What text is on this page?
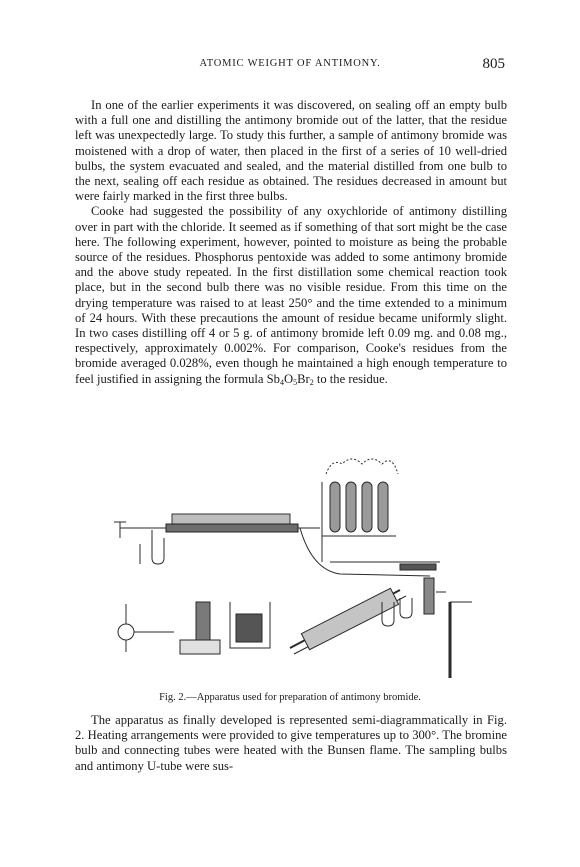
ATOMIC WEIGHT OF ANTIMONY.	805

In one of the earlier experiments it was discovered, on sealing off an empty bulb with a full one and distilling the antimony bromide out of the latter, that the residue left was unexpectedly large. To study this further, a sample of antimony bromide was moistened with a drop of water, then placed in the first of a series of 10 well-dried bulbs, the system evacuated and sealed, and the material distilled from one bulb to the next, sealing off each residue as obtained. The residues decreased in amount but were fairly marked in the first three bulbs.

Cooke had suggested the possibility of any oxychloride of antimony distilling over in part with the chloride. It seemed as if something of that sort might be the case here. The following experiment, however, pointed to moisture as being the probable source of the residues. Phosphorus pentoxide was added to some antimony bromide and the above study repeated. In the first distillation some chemical reaction took place, but in the second bulb there was no visible residue. From this time on the drying temperature was raised to at least 250° and the time extended to a minimum of 24 hours. With these precautions the amount of residue became uniformly slight. In two cases distilling off 4 or 5 g. of antimony bromide left 0.09 mg. and 0.08 mg., respectively, approximately 0.002%. For comparison, Cooke's residues from the bromide averaged 0.028%, even though he maintained a high enough temperature to feel justified in assigning the formula $Sb_4O_5Br_2$ to the residue.

Fig. 2.—Apparatus used for preparation of antimony bromide.

The apparatus as finally developed is represented semi-diagrammatically in Fig. 2. Heating arrangements were provided to give temperatures up to 300°. The bromine bulb and connecting tubes were heated with the Bunsen flame. The sampling bulbs and antimony U-tube were sus-
